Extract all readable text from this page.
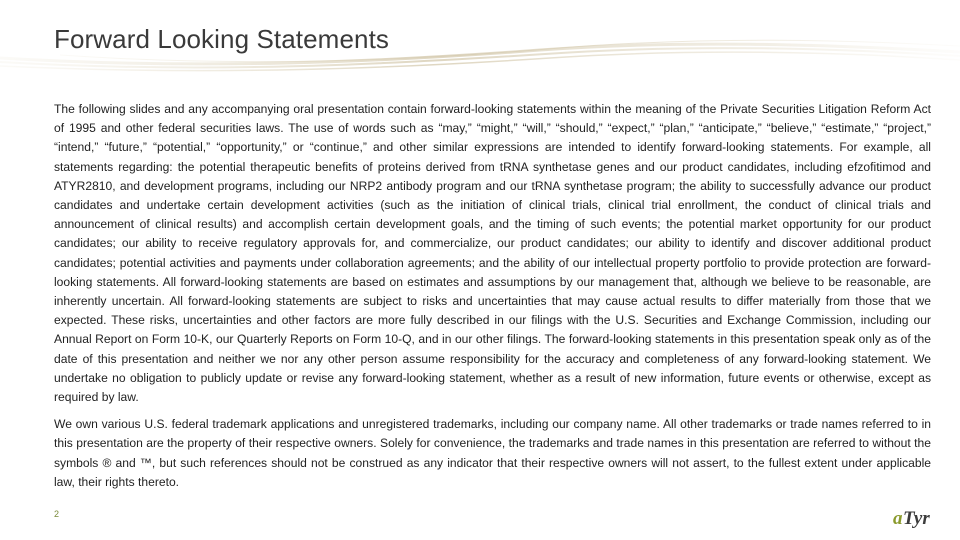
Forward Looking Statements

The following slides and any accompanying oral presentation contain forward-looking statements within the meaning of the Private Securities Litigation Reform Act of 1995 and other federal securities laws. The use of words such as “may,” “might,” “will,” “should,” “expect,” “plan,” “anticipate,” “believe,” “estimate,” “project,” “intend,” “future,” “potential,” “opportunity,” or “continue,” and other similar expressions are intended to identify forward-looking statements. For example, all statements regarding: the potential therapeutic benefits of proteins derived from tRNA synthetase genes and our product candidates, including efzofitimod and ATYR2810, and development programs, including our NRP2 antibody program and our tRNA synthetase program; the ability to successfully advance our product candidates and undertake certain development activities (such as the initiation of clinical trials, clinical trial enrollment, the conduct of clinical trials and announcement of clinical results) and accomplish certain development goals, and the timing of such events; the potential market opportunity for our product candidates; our ability to receive regulatory approvals for, and commercialize, our product candidates; our ability to identify and discover additional product candidates; potential activities and payments under collaboration agreements; and the ability of our intellectual property portfolio to provide protection are forward-looking statements. All forward-looking statements are based on estimates and assumptions by our management that, although we believe to be reasonable, are inherently uncertain. All forward-looking statements are subject to risks and uncertainties that may cause actual results to differ materially from those that we expected. These risks, uncertainties and other factors are more fully described in our filings with the U.S. Securities and Exchange Commission, including our Annual Report on Form 10-K, our Quarterly Reports on Form 10-Q, and in our other filings. The forward-looking statements in this presentation speak only as of the date of this presentation and neither we nor any other person assume responsibility for the accuracy and completeness of any forward-looking statement. We undertake no obligation to publicly update or revise any forward-looking statement, whether as a result of new information, future events or otherwise, except as required by law.

We own various U.S. federal trademark applications and unregistered trademarks, including our company name. All other trademarks or trade names referred to in this presentation are the property of their respective owners. Solely for convenience, the trademarks and trade names in this presentation are referred to without the symbols ® and ™, but such references should not be construed as any indicator that their respective owners will not assert, to the fullest extent under applicable law, their rights thereto.

2	a Tyr
